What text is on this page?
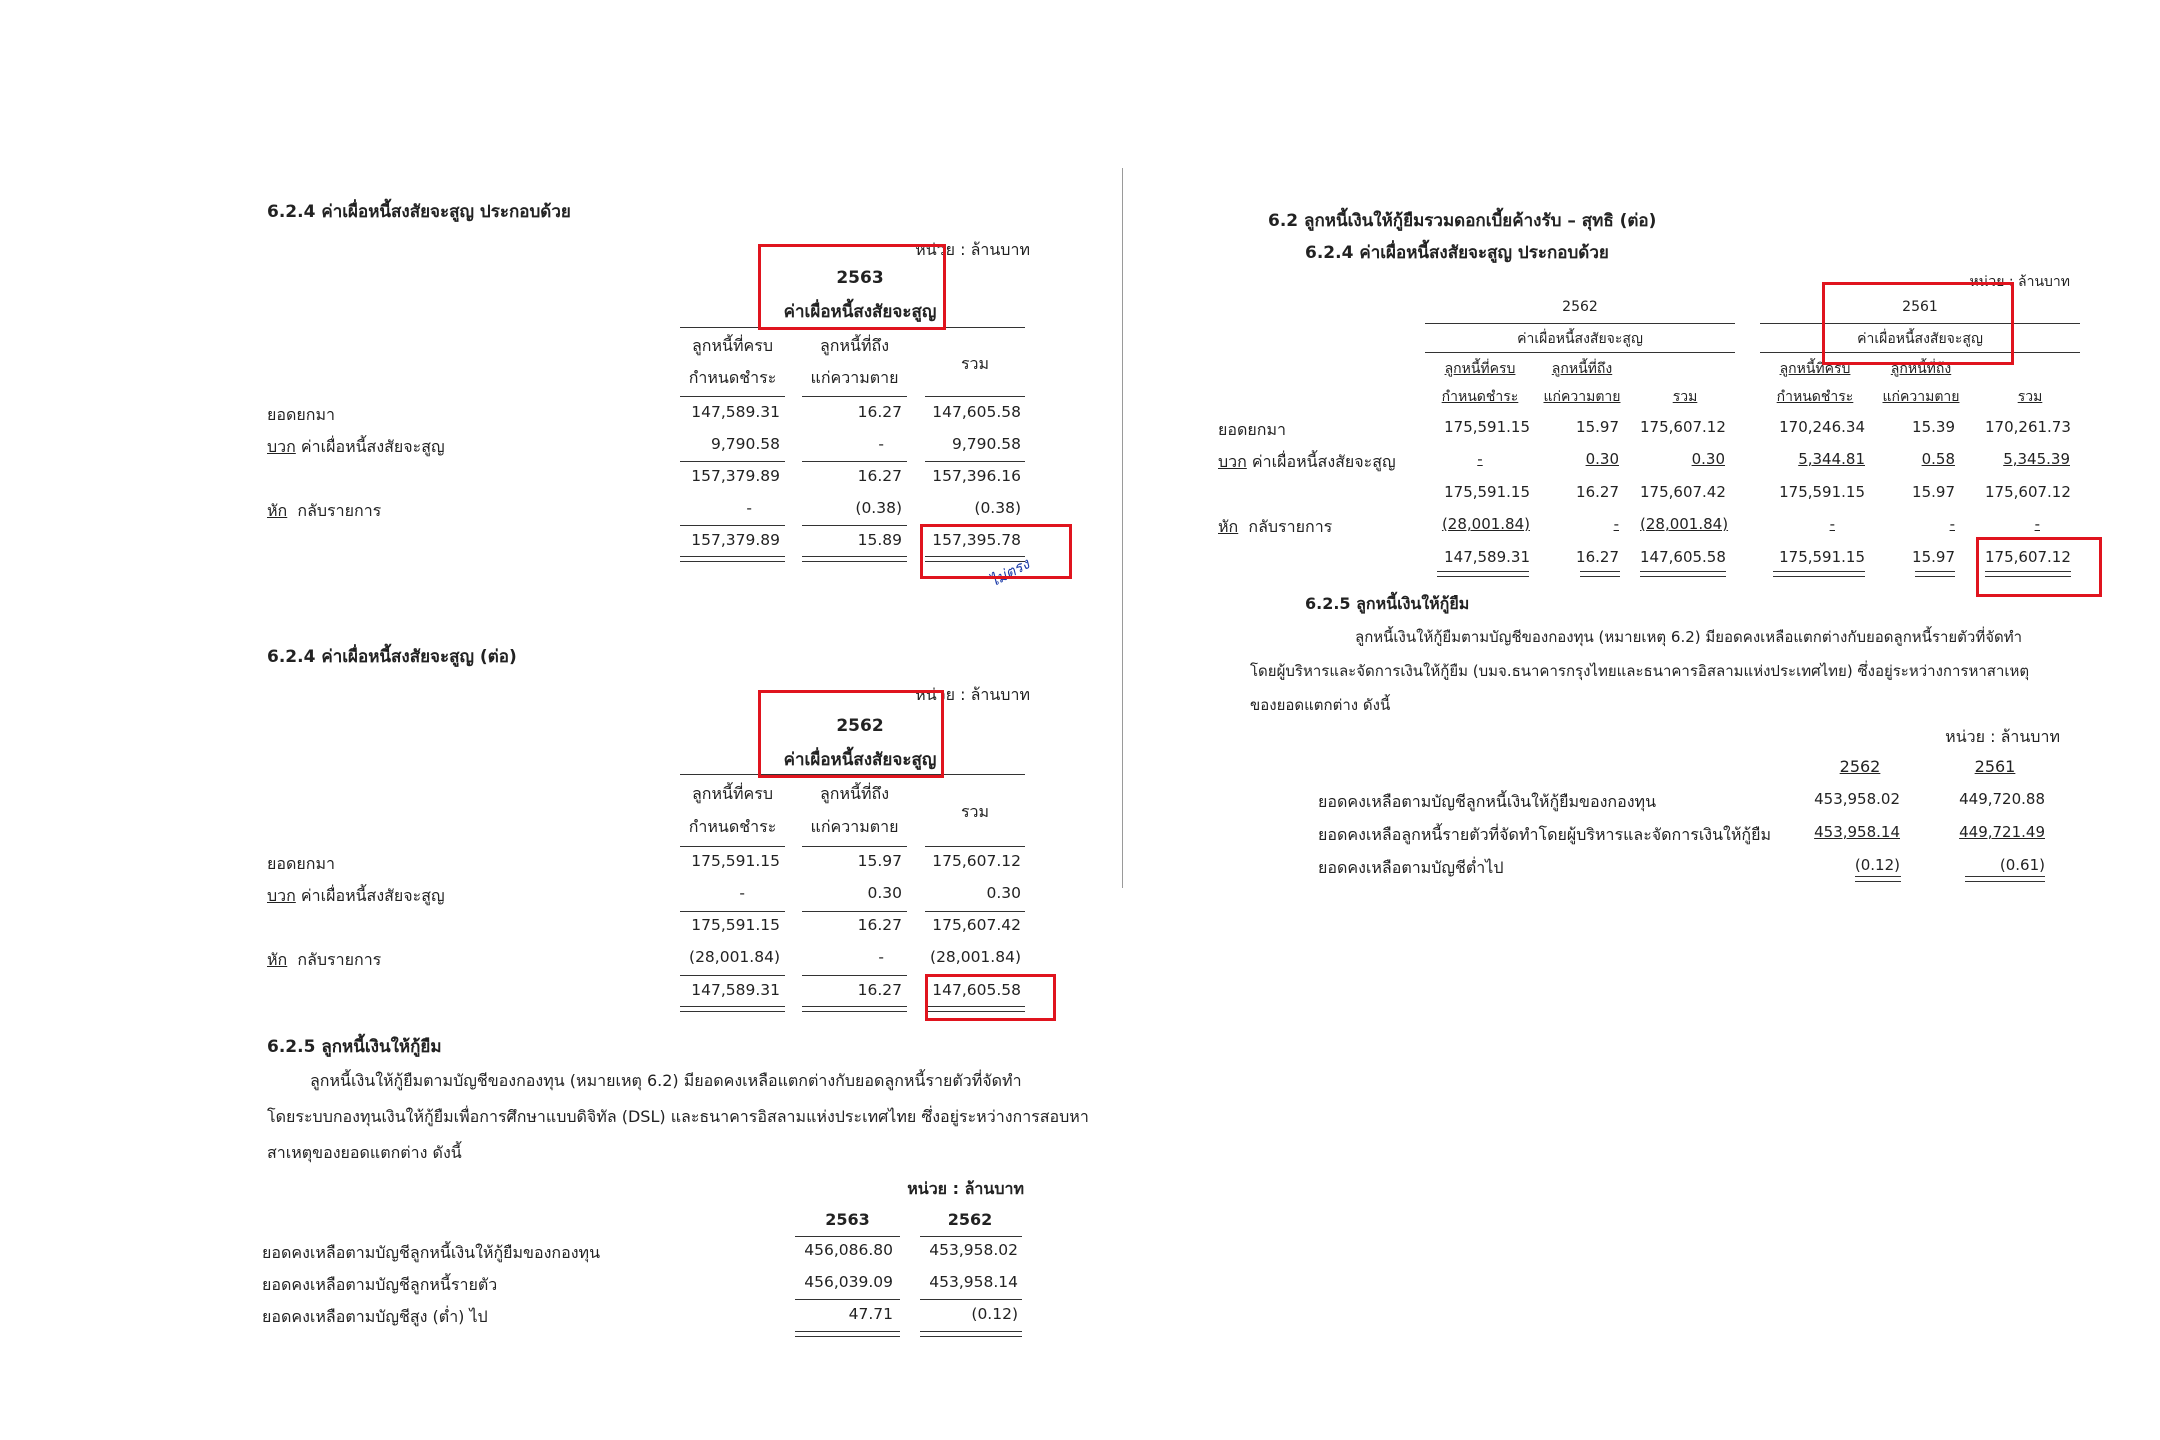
6.2.4 ค่าเผื่อหนี้สงสัยจะสูญ ประกอบด้วย
หน่วย : ล้านบาท
2563
ค่าเผื่อหนี้สงสัยจะสูญ
ลูกหนี้ที่ครบ
กำหนดชำระ
ลูกหนี้ที่ถึง
แก่ความตาย
รวม
ยอดยกมา	147,589.31	16.27	147,605.58
บวก ค่าเผื่อหนี้สงสัยจะสูญ	9,790.58	-	9,790.58
157,379.89	16.27	157,396.16
หัก กลับรายการ	-	(0.38)	(0.38)
157,379.89	15.89	157,395.78
ไม่ตรง
6.2.4 ค่าเผื่อหนี้สงสัยจะสูญ (ต่อ)
หน่วย : ล้านบาท
2562
ค่าเผื่อหนี้สงสัยจะสูญ
ลูกหนี้ที่ครบ
กำหนดชำระ
ลูกหนี้ที่ถึง
แก่ความตาย
รวม
ยอดยกมา	175,591.15	15.97	175,607.12
บวก ค่าเผื่อหนี้สงสัยจะสูญ	-	0.30	0.30
175,591.15	16.27	175,607.42
หัก กลับรายการ	(28,001.84)	-	(28,001.84)
147,589.31	16.27	147,605.58
6.2.5 ลูกหนี้เงินให้กู้ยืม
ลูกหนี้เงินให้กู้ยืมตามบัญชีของกองทุน (หมายเหตุ 6.2) มียอดคงเหลือแตกต่างกับยอดลูกหนี้รายตัวที่จัดทำ
โดยระบบกองทุนเงินให้กู้ยืมเพื่อการศึกษาแบบดิจิทัล (DSL) และธนาคารอิสลามแห่งประเทศไทย ซึ่งอยู่ระหว่างการสอบหา
สาเหตุของยอดแตกต่าง ดังนี้
หน่วย : ล้านบาท
2563	2562
ยอดคงเหลือตามบัญชีลูกหนี้เงินให้กู้ยืมของกองทุน	456,086.80	453,958.02
ยอดคงเหลือตามบัญชีลูกหนี้รายตัว	456,039.09	453,958.14
ยอดคงเหลือตามบัญชีสูง (ต่ำ) ไป	47.71	(0.12)
6.2 ลูกหนี้เงินให้กู้ยืมรวมดอกเบี้ยค้างรับ – สุทธิ (ต่อ)
6.2.4 ค่าเผื่อหนี้สงสัยจะสูญ ประกอบด้วย
หน่วย : ล้านบาท
2562	2561
ค่าเผื่อหนี้สงสัยจะสูญ	ค่าเผื่อหนี้สงสัยจะสูญ
ลูกหนี้ที่ครบ
กำหนดชำระ
ลูกหนี้ที่ถึง
แก่ความตาย	รวม
ลูกหนี้ที่ครบ
กำหนดชำระ
ลูกหนี้ที่ถึง
แก่ความตาย	รวม
ยอดยกมา	175,591.15	15.97 175,607.12	170,246.34	15.39 170,261.73
บวก ค่าเผื่อหนี้สงสัยจะสูญ	-	0.30	0.30	5,344.81	0.58	5,345.39
175,591.15	16.27 175,607.42	175,591.15	15.97 175,607.12
หัก กลับรายการ	(28,001.84)	- (28,001.84)	-	-	-
147,589.31	16.27 147,605.58	175,591.15	15.97 175,607.12
6.2.5 ลูกหนี้เงินให้กู้ยืม
ลูกหนี้เงินให้กู้ยืมตามบัญชีของกองทุน (หมายเหตุ 6.2) มียอดคงเหลือแตกต่างกับยอดลูกหนี้รายตัวที่จัดทำ
โดยผู้บริหารและจัดการเงินให้กู้ยืม (บมจ.ธนาคารกรุงไทยและธนาคารอิสลามแห่งประเทศไทย) ซึ่งอยู่ระหว่างการหาสาเหตุ
ของยอดแตกต่าง ดังนี้
หน่วย : ล้านบาท
2562	2561
ยอดคงเหลือตามบัญชีลูกหนี้เงินให้กู้ยืมของกองทุน	453,958.02	449,720.88
ยอดคงเหลือลูกหนี้รายตัวที่จัดทำโดยผู้บริหารและจัดการเงินให้กู้ยืม	453,958.14	449,721.49
ยอดคงเหลือตามบัญชีต่ำไป	(0.12)	(0.61)
